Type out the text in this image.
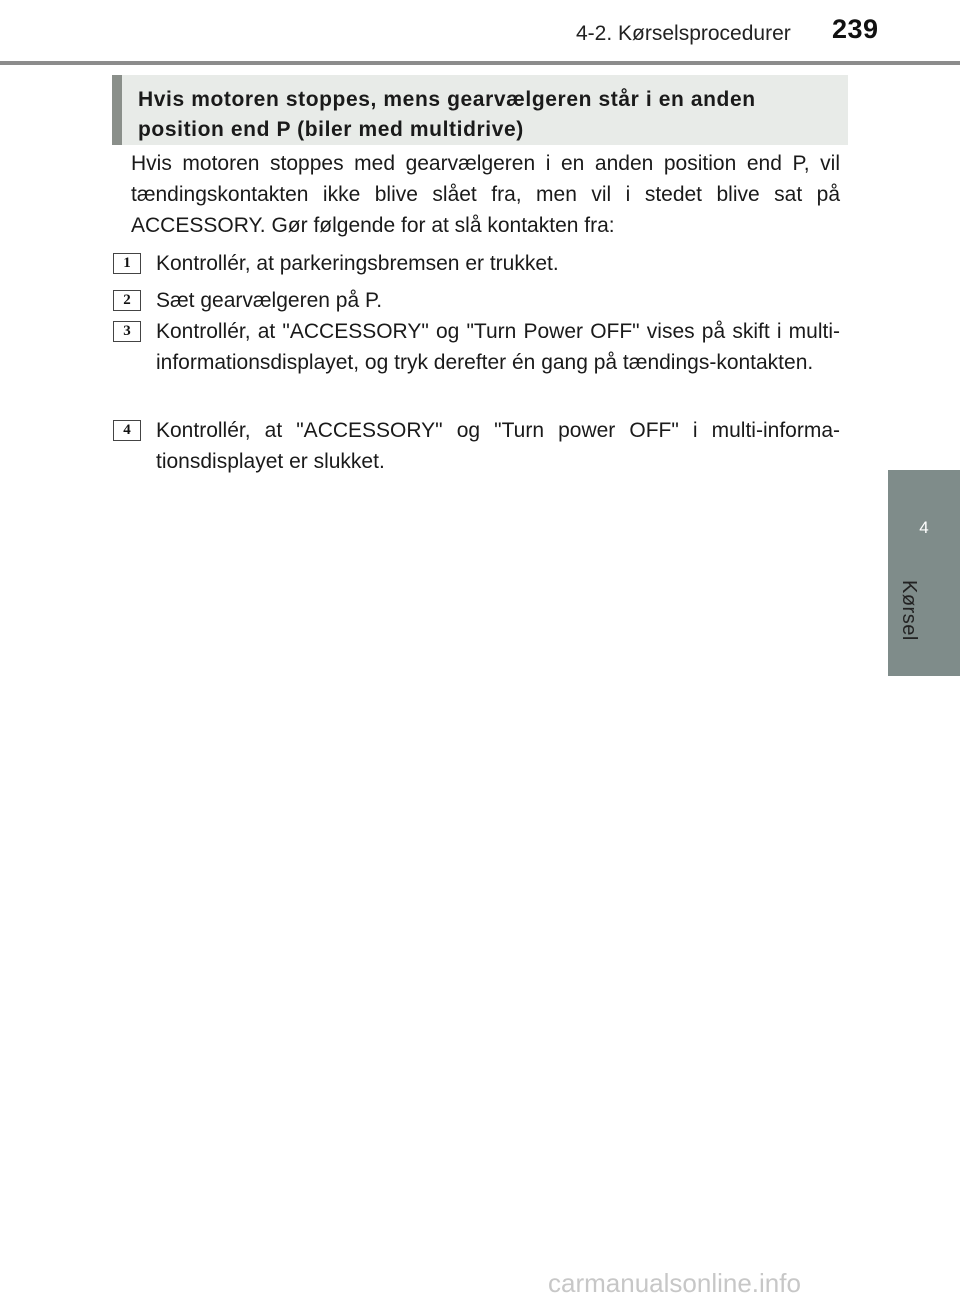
4-2. Kørselsprocedurer 239
4
Kørsel
Hvis motoren stoppes, mens gearvælgeren står i en anden position end P (biler med multidrive)
Hvis motoren stoppes med gearvælgeren i en anden position end P, vil tændingskontakten ikke blive slået fra, men vil i stedet blive sat på ACCESSORY. Gør følgende for at slå kontakten fra:
1	Kontrollér, at parkeringsbremsen er trukket.
2	Sæt gearvælgeren på P.
3	Kontrollér, at "ACCESSORY" og "Turn Power OFF" vises på skift i multi-informationsdisplayet, og tryk derefter én gang på tændings-kontakten.
4	Kontrollér, at "ACCESSORY" og "Turn power OFF" i multi-informa-tionsdisplayet er slukket.
carmanualsonline.info
